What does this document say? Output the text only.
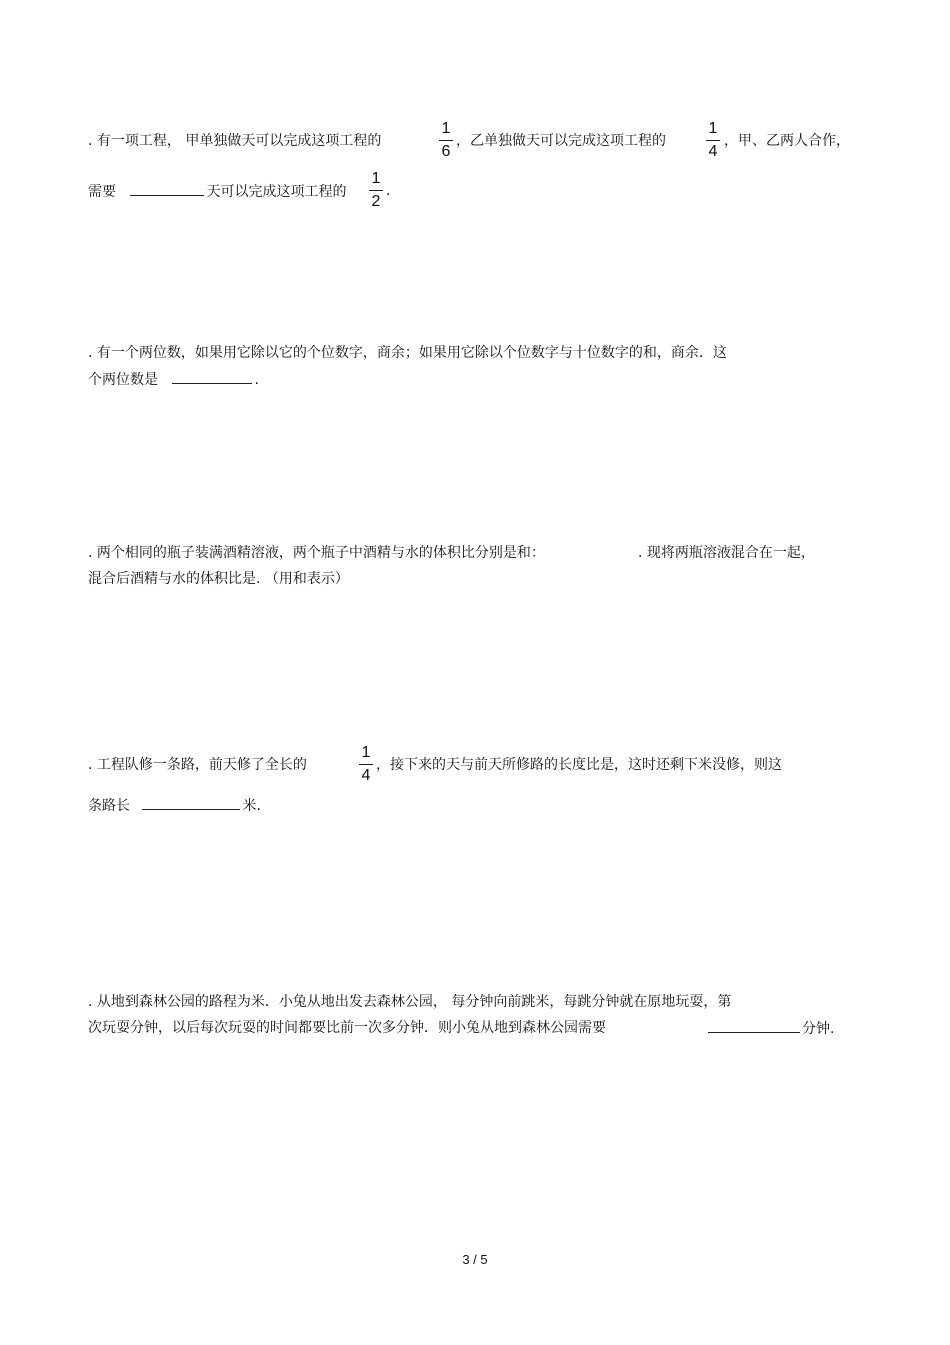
. 有一项工程， 甲单独做天可以完成这项工程的
1
6
，乙单独做天可以完成这项工程的
1
4
，甲、乙两人合作，
需要	天可以完成这项工程的
1
2
.
. 有一个两位数，如果用它除以它的个位数字，商余；如果用它除以个位数字与十位数字的和，商余．这
个两位数是	.
. 两个相同的瓶子装满酒精溶液，两个瓶子中酒精与水的体积比分别是和：	. 现将两瓶溶液混合在一起，
混合后酒精与水的体积比是. （用和表示）
. 工程队修一条路，前天修了全长的
1
4
，接下来的天与前天所修路的长度比是，这时还剩下米没修，则这
条路长	米.
. 从地到森林公园的路程为米．小兔从地出发去森林公园， 每分钟向前跳米，每跳分钟就在原地玩耍，第
次玩耍分钟，以后每次玩耍的时间都要比前一次多分钟．则小兔从地到森林公园需要	分钟.
3 / 5
